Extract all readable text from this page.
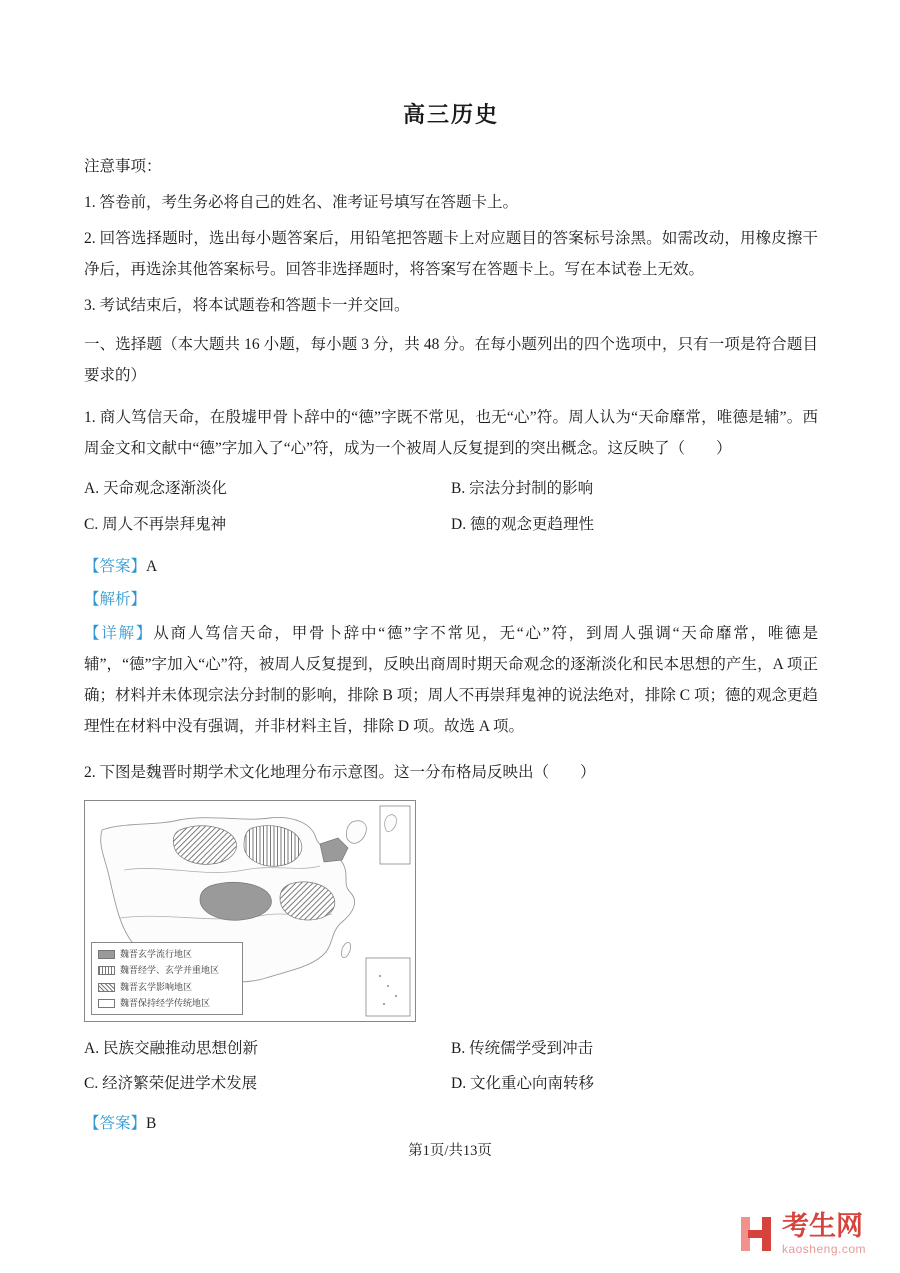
高三历史

注意事项：

1. 答卷前，考生务必将自己的姓名、准考证号填写在答题卡上。

2. 回答选择题时，选出每小题答案后，用铅笔把答题卡上对应题目的答案标号涂黑。如需改动，用橡皮擦干净后，再选涂其他答案标号。回答非选择题时，将答案写在答题卡上。写在本试卷上无效。

3. 考试结束后，将本试题卷和答题卡一并交回。

一、选择题（本大题共 16 小题，每小题 3 分，共 48 分。在每小题列出的四个选项中，只有一项是符合题目要求的）

1. 商人笃信天命，在殷墟甲骨卜辞中的“德”字既不常见，也无“心”符。周人认为“天命靡常，唯德是辅”。西周金文和文献中“德”字加入了“心”符，成为一个被周人反复提到的突出概念。这反映了（　　）

A. 天命观念逐渐淡化	B. 宗法分封制的影响
C. 周人不再崇拜鬼神	D. 德的观念更趋理性

【答案】A

【解析】

【详解】从商人笃信天命，甲骨卜辞中“德”字不常见，无“心”符，到周人强调“天命靡常，唯德是辅”，“德”字加入“心”符，被周人反复提到，反映出商周时期天命观念的逐渐淡化和民本思想的产生，A 项正确；材料并未体现宗法分封制的影响，排除 B 项；周人不再崇拜鬼神的说法绝对，排除 C 项；德的观念更趋理性在材料中没有强调，并非材料主旨，排除 D 项。故选 A 项。

2. 下图是魏晋时期学术文化地理分布示意图。这一分布格局反映出（　　）

魏晋玄学流行地区
魏晋经学、玄学并重地区
魏晋玄学影响地区
魏晋保持经学传统地区
A. 民族交融推动思想创新	B. 传统儒学受到冲击
C. 经济繁荣促进学术发展	D. 文化重心向南转移

【答案】B

第1页/共13页
考生网
kaosheng.com
